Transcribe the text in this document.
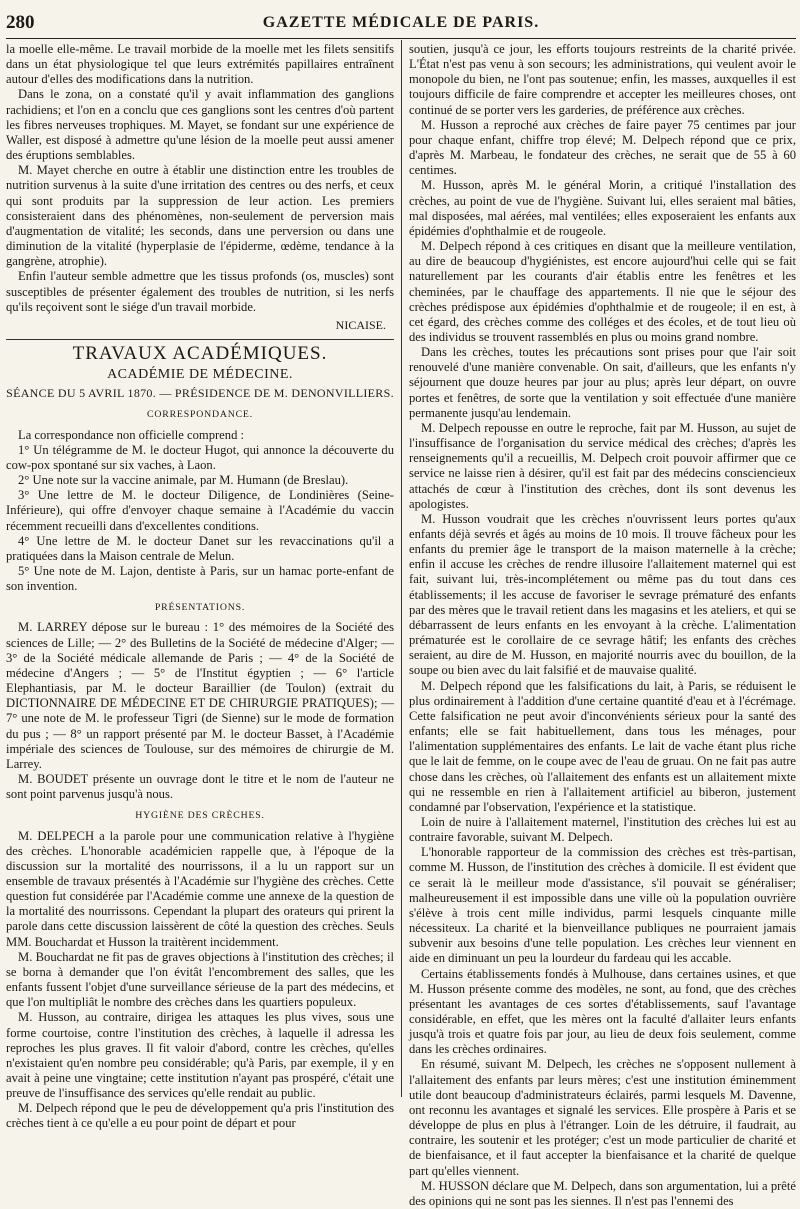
280	GAZETTE MÉDICALE DE PARIS.

la moelle elle-même. Le travail morbide de la moelle met les filets sensitifs dans un état physiologique tel que leurs extrémités papillaires entraînent autour d'elles des modifications dans la nutrition.

Dans le zona, on a constaté qu'il y avait inflammation des ganglions rachidiens; et l'on en a conclu que ces ganglions sont les centres d'où partent les fibres nerveuses trophiques. M. Mayet, se fondant sur une expérience de Waller, est disposé à admettre qu'une lésion de la moelle peut aussi amener des éruptions semblables.

M. Mayet cherche en outre à établir une distinction entre les troubles de nutrition survenus à la suite d'une irritation des centres ou des nerfs, et ceux qui sont produits par la suppression de leur action. Les premiers consisteraient dans des phénomènes, non-seulement de perversion mais d'augmentation de vitalité; les seconds, dans une perversion ou dans une diminution de la vitalité (hyperplasie de l'épiderme, œdème, tendance à la gangrène, atrophie).

Enfin l'auteur semble admettre que les tissus profonds (os, muscles) sont susceptibles de présenter également des troubles de nutrition, si les nerfs qu'ils reçoivent sont le siége d'un travail morbide.

NICAISE.
TRAVAUX ACADÉMIQUES.
ACADÉMIE DE MÉDECINE.
SÉANCE DU 5 AVRIL 1870. — PRÉSIDENCE DE M. DENONVILLIERS.
CORRESPONDANCE.

La correspondance non officielle comprend :

1° Un télégramme de M. le docteur Hugot, qui annonce la découverte du cow-pox spontané sur six vaches, à Laon.

2° Une note sur la vaccine animale, par M. Humann (de Breslau).

3° Une lettre de M. le docteur Diligence, de Londinières (Seine-Inférieure), qui offre d'envoyer chaque semaine à l'Académie du vaccin récemment recueilli dans d'excellentes conditions.

4° Une lettre de M. le docteur Danet sur les revaccinations qu'il a pratiquées dans la Maison centrale de Melun.

5° Une note de M. Lajon, dentiste à Paris, sur un hamac porte-enfant de son invention.

PRÉSENTATIONS.

M. LARREY dépose sur le bureau : 1° des mémoires de la Société des sciences de Lille; — 2° des Bulletins de la Société de médecine d'Alger; — 3° de la Société médicale allemande de Paris ; — 4° de la Société de médecine d'Angers ; — 5° de l'Institut égyptien ; — 6° l'article Elephantiasis, par M. le docteur Baraillier (de Toulon) (extrait du DICTIONNAIRE DE MÉDECINE ET DE CHIRURGIE PRATIQUES); — 7° une note de M. le professeur Tigri (de Sienne) sur le mode de formation du pus ; — 8° un rapport présenté par M. le docteur Basset, à l'Académie impériale des sciences de Toulouse, sur des mémoires de chirurgie de M. Larrey.

M. BOUDET présente un ouvrage dont le titre et le nom de l'auteur ne sont point parvenus jusqu'à nous.

HYGIÈNE DES CRÈCHES.

M. DELPECH a la parole pour une communication relative à l'hygiène des crèches. L'honorable académicien rappelle que, à l'époque de la discussion sur la mortalité des nourrissons, il a lu un rapport sur un ensemble de travaux présentés à l'Académie sur l'hygiène des crèches. Cette question fut considérée par l'Académie comme une annexe de la question de la mortalité des nourrissons. Cependant la plupart des orateurs qui prirent la parole dans cette discussion laissèrent de côté la question des crèches. Seuls MM. Bouchardat et Husson la traitèrent incidemment.

M. Bouchardat ne fit pas de graves objections à l'institution des crèches; il se borna à demander que l'on évitât l'encombrement des salles, que les enfants fussent l'objet d'une surveillance sérieuse de la part des médecins, et que l'on multipliât le nombre des crèches dans les quartiers populeux.

M. Husson, au contraire, dirigea les attaques les plus vives, sous une forme courtoise, contre l'institution des crèches, à laquelle il adressa les reproches les plus graves. Il fit valoir d'abord, contre les crèches, qu'elles n'existaient qu'en nombre peu considérable; qu'à Paris, par exemple, il y en avait à peine une vingtaine; cette institution n'ayant pas prospéré, c'était une preuve de l'insuffisance des services qu'elle rendait au public.

M. Delpech répond que le peu de développement qu'a pris l'institution des crèches tient à ce qu'elle a eu pour point de départ et pour

soutien, jusqu'à ce jour, les efforts toujours restreints de la charité privée. L'État n'est pas venu à son secours; les administrations, qui veulent avoir le monopole du bien, ne l'ont pas soutenue; enfin, les masses, auxquelles il est toujours difficile de faire comprendre et accepter les meilleures choses, ont continué de se porter vers les garderies, de préférence aux crèches.

M. Husson a reproché aux crèches de faire payer 75 centimes par jour pour chaque enfant, chiffre trop élevé; M. Delpech répond que ce prix, d'après M. Marbeau, le fondateur des crèches, ne serait que de 55 à 60 centimes.

M. Husson, après M. le général Morin, a critiqué l'installation des crèches, au point de vue de l'hygiène. Suivant lui, elles seraient mal bâties, mal disposées, mal aérées, mal ventilées; elles exposeraient les enfants aux épidémies d'ophthalmie et de rougeole.

M. Delpech répond à ces critiques en disant que la meilleure ventilation, au dire de beaucoup d'hygiénistes, est encore aujourd'hui celle qui se fait naturellement par les courants d'air établis entre les fenêtres et les cheminées, par le chauffage des appartements. Il nie que le séjour des crèches prédispose aux épidémies d'ophthalmie et de rougeole; il en est, à cet égard, des crèches comme des colléges et des écoles, et de tout lieu où des individus se trouvent rassemblés en plus ou moins grand nombre.

Dans les crèches, toutes les précautions sont prises pour que l'air soit renouvelé d'une manière convenable. On sait, d'ailleurs, que les enfants n'y séjournent que douze heures par jour au plus; après leur départ, on ouvre portes et fenêtres, de sorte que la ventilation y soit effectuée d'une manière permanente jusqu'au lendemain.

M. Delpech repousse en outre le reproche, fait par M. Husson, au sujet de l'insuffisance de l'organisation du service médical des crèches; d'après les renseignements qu'il a recueillis, M. Delpech croit pouvoir affirmer que ce service ne laisse rien à désirer, qu'il est fait par des médecins consciencieux attachés de cœur à l'institution des crèches, dont ils sont devenus les apologistes.

M. Husson voudrait que les crèches n'ouvrissent leurs portes qu'aux enfants déjà sevrés et âgés au moins de 10 mois. Il trouve fâcheux pour les enfants du premier âge le transport de la maison maternelle à la crèche; enfin il accuse les crèches de rendre illusoire l'allaitement maternel qui est fait, suivant lui, très-incomplétement ou même pas du tout dans ces établissements; il les accuse de favoriser le sevrage prématuré des enfants par des mères que le travail retient dans les magasins et les ateliers, et qui se débarrassent de leurs enfants en les envoyant à la crèche. L'alimentation prématurée est le corollaire de ce sevrage hâtif; les enfants des crèches seraient, au dire de M. Husson, en majorité nourris avec du bouillon, de la soupe ou bien avec du lait falsifié et de mauvaise qualité.

M. Delpech répond que les falsifications du lait, à Paris, se réduisent le plus ordinairement à l'addition d'une certaine quantité d'eau et à l'écrémage. Cette falsification ne peut avoir d'inconvénients sérieux pour la santé des enfants; elle se fait habituellement, dans tous les ménages, pour l'alimentation supplémentaires des enfants. Le lait de vache étant plus riche que le lait de femme, on le coupe avec de l'eau de gruau. On ne fait pas autre chose dans les crèches, où l'allaitement des enfants est un allaitement mixte qui ne ressemble en rien à l'allaitement artificiel au biberon, justement condamné par l'observation, l'expérience et la statistique.

Loin de nuire à l'allaitement maternel, l'institution des crèches lui est au contraire favorable, suivant M. Delpech.

L'honorable rapporteur de la commission des crèches est très-partisan, comme M. Husson, de l'institution des crèches à domicile. Il est évident que ce serait là le meilleur mode d'assistance, s'il pouvait se généraliser; malheureusement il est impossible dans une ville où la population ouvrière s'élève à trois cent mille individus, parmi lesquels cinquante mille nécessiteux. La charité et la bienveillance publiques ne pourraient jamais subvenir aux besoins d'une telle population. Les crèches leur viennent en aide en diminuant un peu la lourdeur du fardeau qui les accable.

Certains établissements fondés à Mulhouse, dans certaines usines, et que M. Husson présente comme des modèles, ne sont, au fond, que des crèches présentant les avantages de ces sortes d'établissements, sauf l'avantage considérable, en effet, que les mères ont la faculté d'allaiter leurs enfants jusqu'à trois et quatre fois par jour, au lieu de deux fois seulement, comme dans les crèches ordinaires.

En résumé, suivant M. Delpech, les crèches ne s'opposent nullement à l'allaitement des enfants par leurs mères; c'est une institution éminemment utile dont beaucoup d'administrateurs éclairés, parmi lesquels M. Davenne, ont reconnu les avantages et signalé les services. Elle prospère à Paris et se développe de plus en plus à l'étranger. Loin de les détruire, il faudrait, au contraire, les soutenir et les protéger; c'est un mode particulier de charité et de bienfaisance, et il faut accepter la bienfaisance et la charité de quelque part qu'elles viennent.

M. HUSSON déclare que M. Delpech, dans son argumentation, lui a prêté des opinions qui ne sont pas les siennes. Il n'est pas l'ennemi des
